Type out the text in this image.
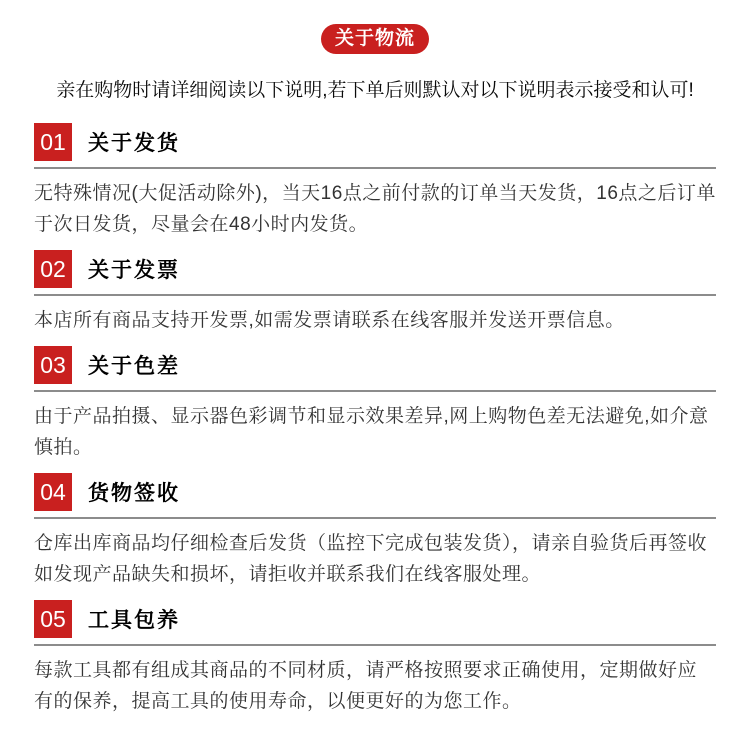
关于物流
亲在购物时请详细阅读以下说明,若下单后则默认对以下说明表示接受和认可!
01 关于发货
无特殊情况(大促活动除外)，当天16点之前付款的订单当天发货，16点之后订单于次日发货，尽量会在48小时内发货。
02 关于发票
本店所有商品支持开发票,如需发票请联系在线客服并发送开票信息。
03 关于色差
由于产品拍摄、显示器色彩调节和显示效果差异,网上购物色差无法避免,如介意慎拍。
04 货物签收
仓库出库商品均仔细检查后发货（监控下完成包装发货），请亲自验货后再签收如发现产品缺失和损坏，请拒收并联系我们在线客服处理。
05 工具包养
每款工具都有组成其商品的不同材质，请严格按照要求正确使用，定期做好应有的保养，提高工具的使用寿命，以便更好的为您工作。
